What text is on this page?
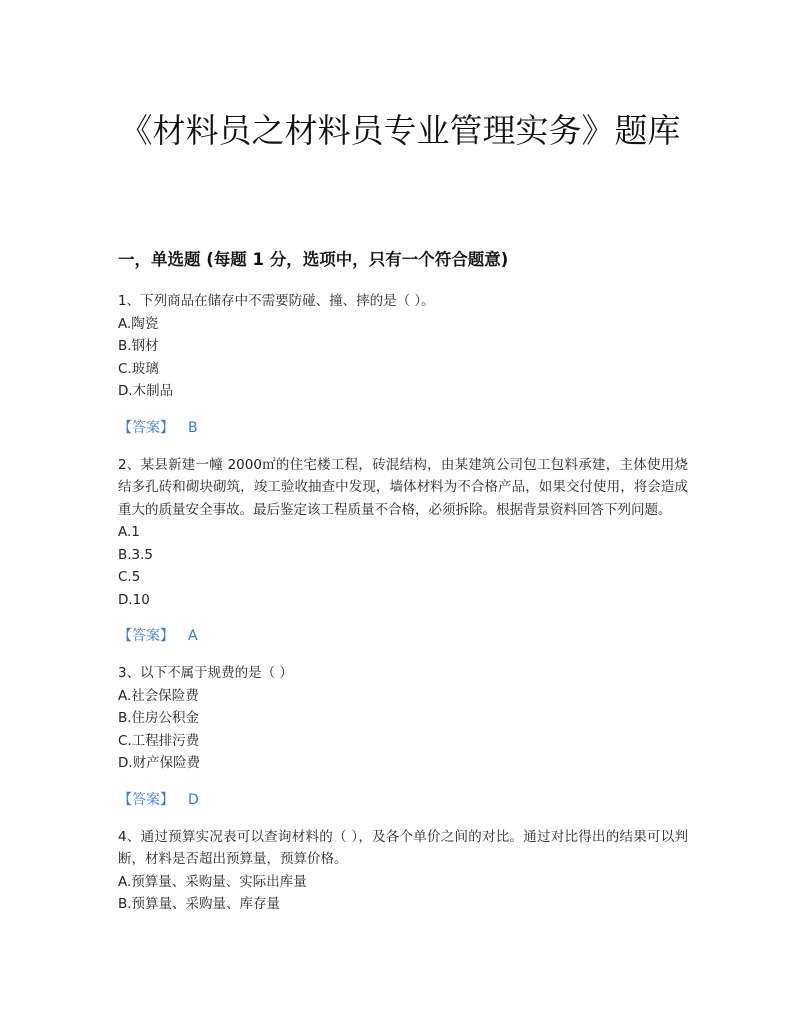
《材料员之材料员专业管理实务》题库
一，单选题 (每题 1 分，选项中，只有一个符合题意)

1、下列商品在储存中不需要防碰、撞、摔的是（ ）。

A.陶瓷

B.钢材

C.玻璃

D.木制品

【答案】 B

2、某县新建一幢 2000㎡的住宅楼工程，砖混结构，由某建筑公司包工包料承建，主体使用烧结多孔砖和砌块砌筑，竣工验收抽查中发现，墙体材料为不合格产品，如果交付使用，将会造成重大的质量安全事故。最后鉴定该工程质量不合格，必须拆除。根据背景资料回答下列问题。

A.1

B.3.5

C.5

D.10

【答案】 A

3、以下不属于规费的是（ ）

A.社会保险费

B.住房公积金

C.工程排污费

D.财产保险费

【答案】 D

4、通过预算实况表可以查询材料的（ ），及各个单价之间的对比。通过对比得出的结果可以判断，材料是否超出预算量，预算价格。

A.预算量、采购量、实际出库量

B.预算量、采购量、库存量
